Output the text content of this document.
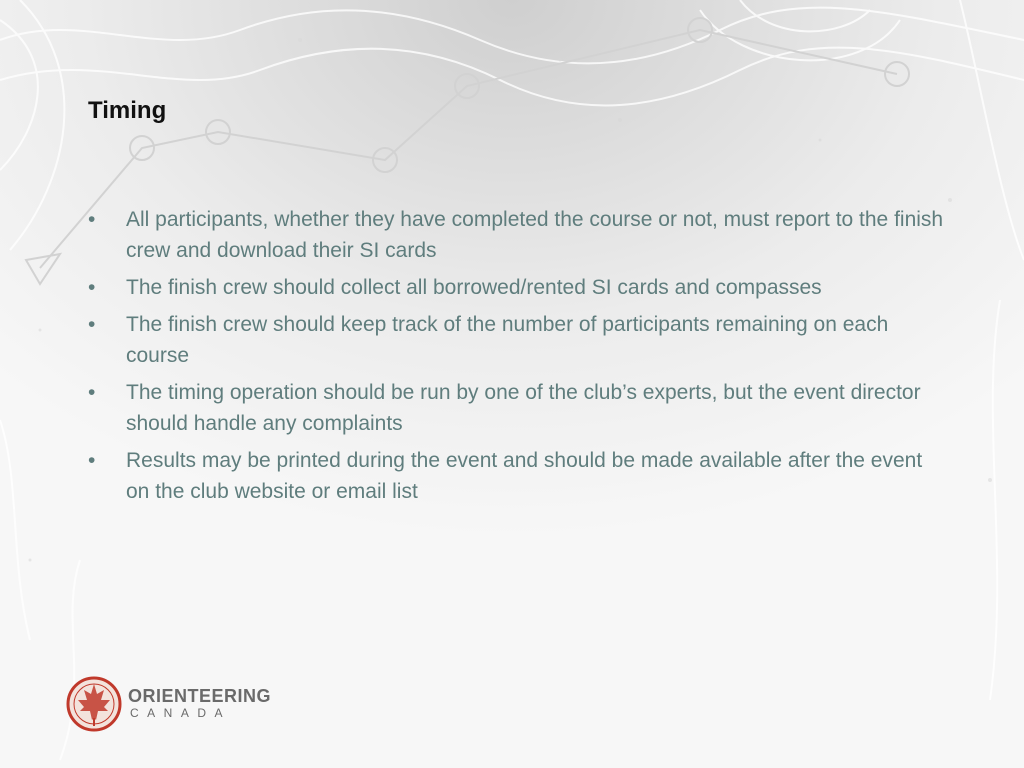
Timing
• All participants, whether they have completed the course or not, must report to the finish crew and download their SI cards
• The finish crew should collect all borrowed/rented SI cards and compasses
• The finish crew should keep track of the number of participants remaining on each course
• The timing operation should be run by one of the club’s experts, but the event director should handle any complaints
• Results may be printed during the event and should be made available after the event on the club website or email list
ORIENTEERING
CANADA
